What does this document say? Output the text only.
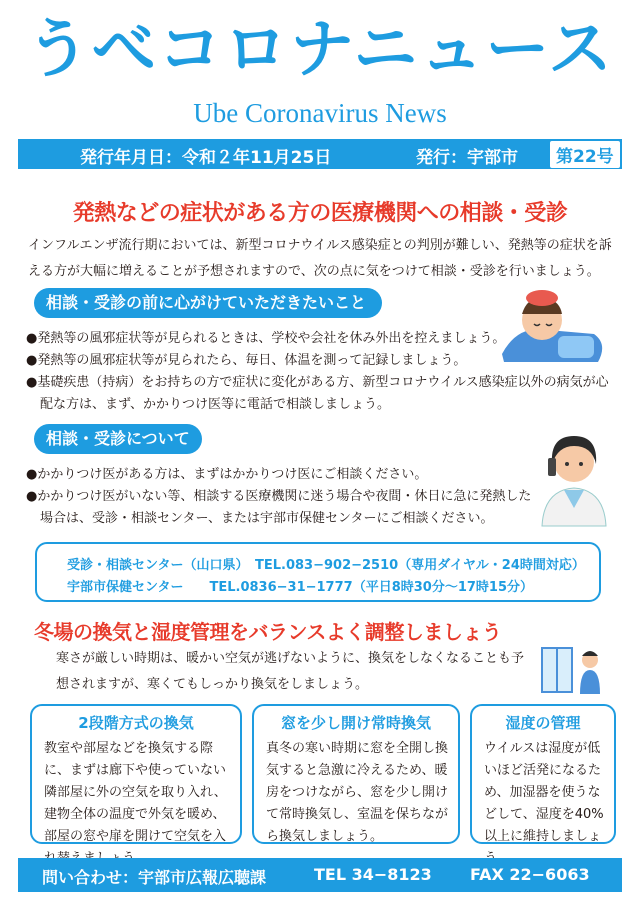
うべコロナニュース
Ube Coronavirus News
発行年月日：令和２年11月25日	発行：宇部市	第22号
発熱などの症状がある方の医療機関への相談・受診
インフルエンザ流行期においては、新型コロナウイルス感染症との判別が難しい、発熱等の症状を訴える方が大幅に増えることが予想されますので、次の点に気をつけて相談・受診を行いましょう。
相談・受診の前に心がけていただきたいこと
●発熱等の風邪症状等が見られるときは、学校や会社を休み外出を控えましょう。
●発熱等の風邪症状等が見られたら、毎日、体温を測って記録しましょう。
●基礎疾患（持病）をお持ちの方で症状に変化がある方、新型コロナウイルス感染症以外の病気が心配な方は、まず、かかりつけ医等に電話で相談しましょう。
相談・受診について
●かかりつけ医がある方は、まずはかかりつけ医にご相談ください。
●かかりつけ医がいない等、相談する医療機関に迷う場合や夜間・休日に急に発熱した場合は、受診・相談センター、または宇部市保健センターにご相談ください。
受診・相談センター（山口県）　TEL.083−902−2510（専用ダイヤル・24時間対応）
宇部市保健センター　　TEL.0836−31−1777（平日8時30分〜17時15分）
冬場の換気と湿度管理をバランスよく調整しましょう
寒さが厳しい時期は、暖かい空気が逃げないように、換気をしなくなることも予想されますが、寒くてもしっかり換気をしましょう。
2段階方式の換気
教室や部屋などを換気する際に、まずは廊下や使っていない隣部屋に外の空気を取り入れ、建物全体の温度で外気を暖め、部屋の窓や扉を開けて空気を入
窓を少し開け常時換気
真冬の寒い時期に窓を全開し換気すると急激に冷えるため、暖房をつけながら、窓を少し開けて常時換気し、室温を保ちながら換気しましょう。
湿度の管理
ウイルスは湿度が低いほど活発になるため、加湿器を使うなどして、湿度を40%以上に維持しましょ
問い合わせ：宇部市広報広聴課	TEL 34−8123 FAX 22−6063
